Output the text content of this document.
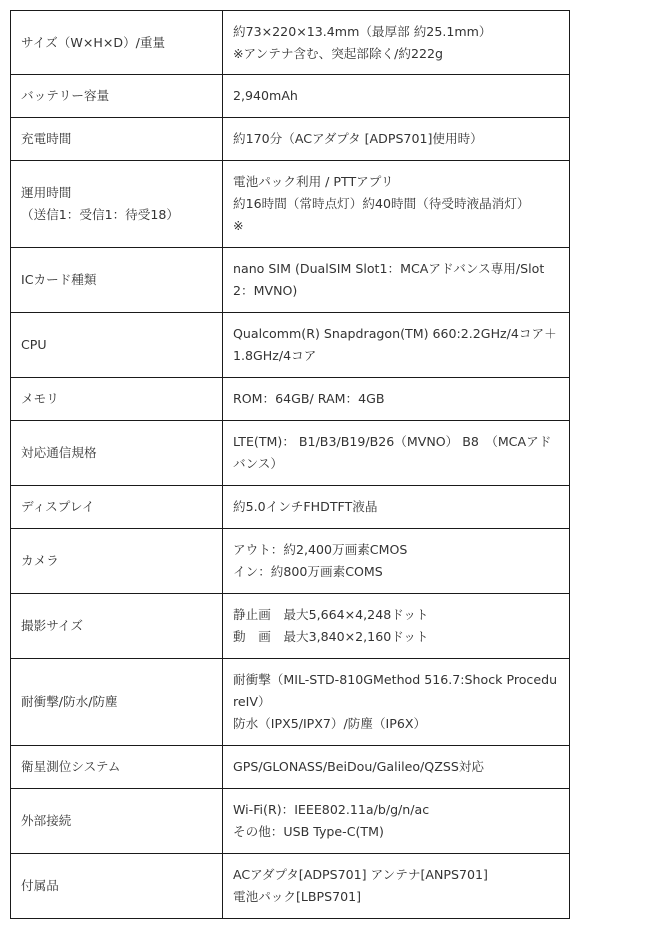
サイズ（W×H×D）/重量	約73×220×13.4mm（最厚部 約25.1mm）
※アンテナ含む、突起部除く/約222g

バッテリー容量	2,940mAh

充電時間	約170分（ACアダプタ [ADPS701]使用時）

運用時間
（送信1：受信1：待受18）	電池パック利用 / PTTアプリ
約16時間（常時点灯）約40時間（待受時液晶消灯）
※

ICカード種類	nano SIM (DualSIM Slot1：MCAアドバンス専用/Slot2：MVNO)

CPU	Qualcomm(R) Snapdragon(TM) 660:2.2GHz/4コア＋1.8GHz/4コア

メモリ	ROM：64GB/ RAM：4GB

対応通信規格	LTE(TM)： B1/B3/B19/B26（MVNO） B8　（MCAアドバンス）

ディスプレイ	約5.0インチFHDTFT液晶

カメラ	アウト：約2,400万画素CMOS
イン：約800万画素COMS

撮影サイズ	静止画　最大5,664×4,248ドット
動　画　最大3,840×2,160ドット

耐衝撃/防水/防塵	耐衝撃（MIL-STD-810GMethod 516.7:Shock ProcedureⅠV）
防水（IPX5/IPX7）/防塵（IP6X）

衛星測位システム	GPS/GLONASS/BeiDou/Galileo/QZSS対応

外部接続	Wi-Fi(R)：IEEE802.11a/b/g/n/ac
その他：USB Type-C(TM)

付属品	ACアダプタ[ADPS701] アンテナ[ANPS701]
電池パック[LBPS701]
